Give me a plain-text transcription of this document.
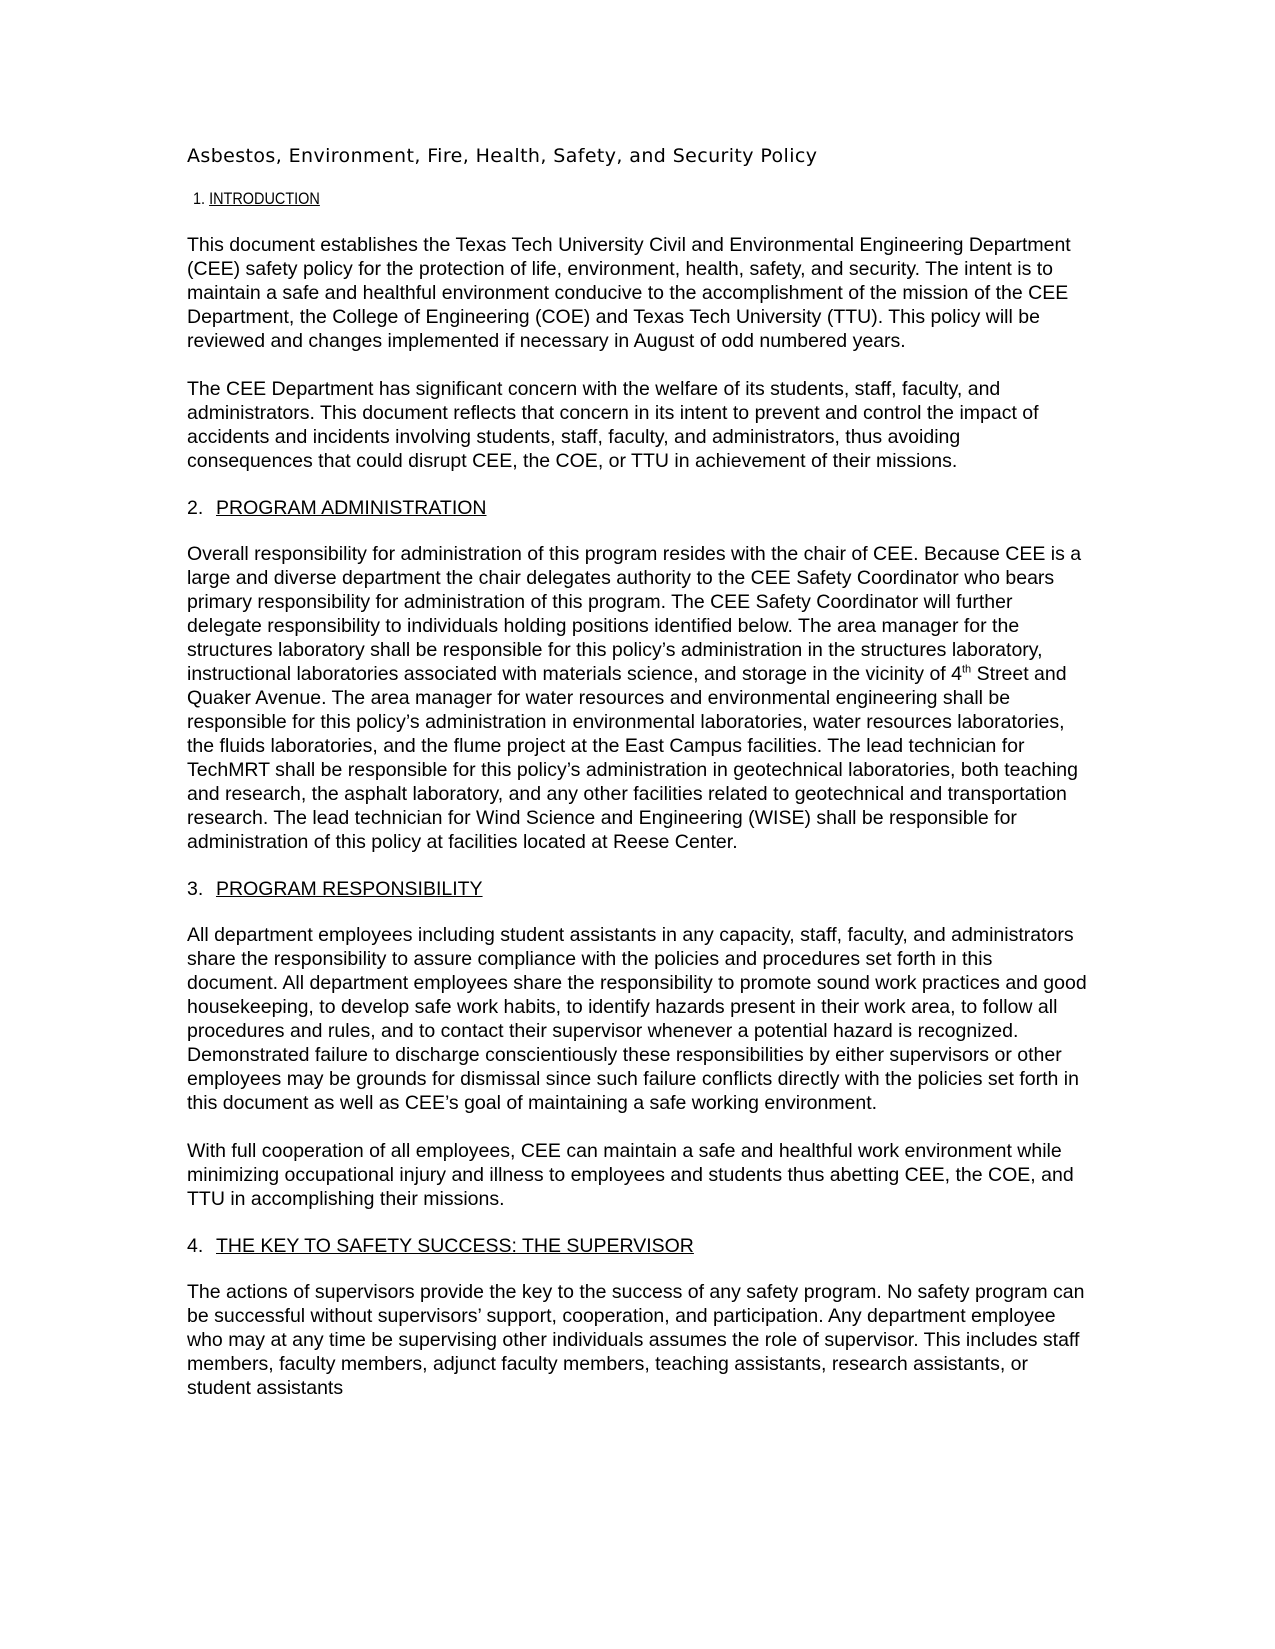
Asbestos, Environment, Fire, Health, Safety, and Security Policy
1. INTRODUCTION

This document establishes the Texas Tech University Civil and Environmental Engineering Department (CEE) safety policy for the protection of life, environment, health, safety, and security. The intent is to maintain a safe and healthful environment conducive to the accomplishment of the mission of the CEE Department, the College of Engineering (COE) and Texas Tech University (TTU). This policy will be reviewed and changes implemented if necessary in August of odd numbered years.

The CEE Department has significant concern with the welfare of its students, staff, faculty, and administrators. This document reflects that concern in its intent to prevent and control the impact of accidents and incidents involving students, staff, faculty, and administrators, thus avoiding consequences that could disrupt CEE, the COE, or TTU in achievement of their missions.

2. PROGRAM ADMINISTRATION

Overall responsibility for administration of this program resides with the chair of CEE. Because CEE is a large and diverse department the chair delegates authority to the CEE Safety Coordinator who bears primary responsibility for administration of this program. The CEE Safety Coordinator will further delegate responsibility to individuals holding positions identified below. The area manager for the structures laboratory shall be responsible for this policy’s administration in the structures laboratory, instructional laboratories associated with materials science, and storage in the vicinity of 4th Street and Quaker Avenue. The area manager for water resources and environmental engineering shall be responsible for this policy’s administration in environmental laboratories, water resources laboratories, the fluids laboratories, and the flume project at the East Campus facilities. The lead technician for TechMRT shall be responsible for this policy’s administration in geotechnical laboratories, both teaching and research, the asphalt laboratory, and any other facilities related to geotechnical and transportation research. The lead technician for Wind Science and Engineering (WISE) shall be responsible for administration of this policy at facilities located at Reese Center.

3. PROGRAM RESPONSIBILITY

All department employees including student assistants in any capacity, staff, faculty, and administrators share the responsibility to assure compliance with the policies and procedures set forth in this document. All department employees share the responsibility to promote sound work practices and good housekeeping, to develop safe work habits, to identify hazards present in their work area, to follow all procedures and rules, and to contact their supervisor whenever a potential hazard is recognized. Demonstrated failure to discharge conscientiously these responsibilities by either supervisors or other employees may be grounds for dismissal since such failure conflicts directly with the policies set forth in this document as well as CEE’s goal of maintaining a safe working environment.

With full cooperation of all employees, CEE can maintain a safe and healthful work environment while minimizing occupational injury and illness to employees and students thus abetting CEE, the COE, and TTU in accomplishing their missions.

4. THE KEY TO SAFETY SUCCESS: THE SUPERVISOR

The actions of supervisors provide the key to the success of any safety program. No safety program can be successful without supervisors’ support, cooperation, and participation. Any department employee who may at any time be supervising other individuals assumes the role of supervisor. This includes staff members, faculty members, adjunct faculty members, teaching assistants, research assistants, or student assistants
